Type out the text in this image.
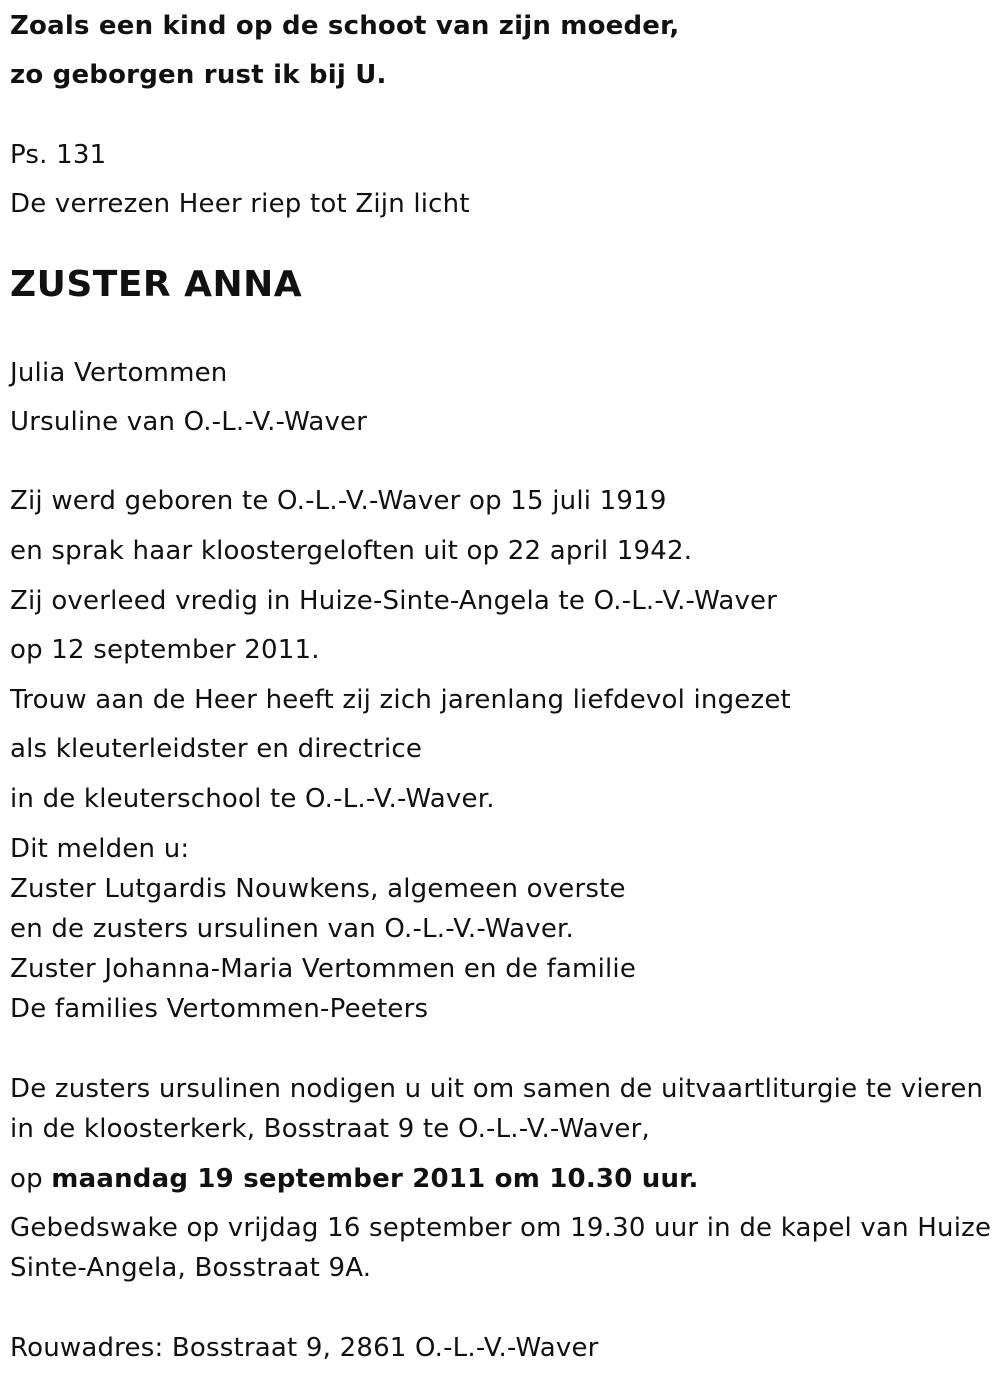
Zoals een kind op de schoot van zijn moeder,
zo geborgen rust ik bij U.
Ps. 131
De verrezen Heer riep tot Zijn licht
ZUSTER ANNA
Julia Vertommen
Ursuline van O.-L.-V.-Waver
Zij werd geboren te O.-L.-V.-Waver op 15 juli 1919
en sprak haar kloostergeloften uit op 22 april 1942.
Zij overleed vredig in Huize-Sinte-Angela te O.-L.-V.-Waver
op 12 september 2011.
Trouw aan de Heer heeft zij zich jarenlang liefdevol ingezet
als kleuterleidster en directrice
in de kleuterschool te O.-L.-V.-Waver.
Dit melden u:
Zuster Lutgardis Nouwkens, algemeen overste
en de zusters ursulinen van O.-L.-V.-Waver.
Zuster Johanna-Maria Vertommen en de familie
De families Vertommen-Peeters
De zusters ursulinen nodigen u uit om samen de uitvaartliturgie te vieren in de kloosterkerk, Bosstraat 9 te O.-L.-V.-Waver,
op maandag 19 september 2011 om 10.30 uur.
Gebedswake op vrijdag 16 september om 19.30 uur in de kapel van Huize Sinte-Angela, Bosstraat 9A.
Rouwadres: Bosstraat 9, 2861 O.-L.-V.-Waver
